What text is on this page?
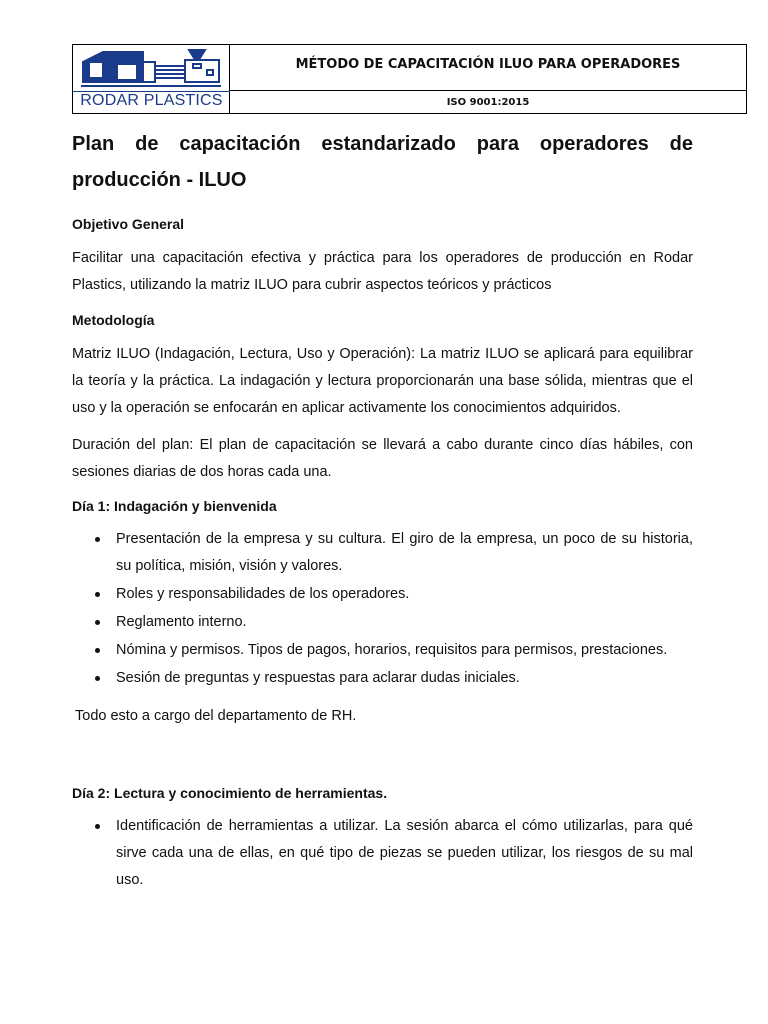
RODAR PLASTICS
MÉTODO DE CAPACITACIÓN ILUO PARA OPERADORES
ISO 9001:2015
Plan de capacitación estandarizado para operadores de producción - ILUO
Objetivo General

Facilitar una capacitación efectiva y práctica para los operadores de producción en Rodar Plastics, utilizando la matriz ILUO para cubrir aspectos teóricos y prácticos

Metodología

Matriz ILUO (Indagación, Lectura, Uso y Operación): La matriz ILUO se aplicará para equilibrar la teoría y la práctica. La indagación y lectura proporcionarán una base sólida, mientras que el uso y la operación se enfocarán en aplicar activamente los conocimientos adquiridos.

Duración del plan: El plan de capacitación se llevará a cabo durante cinco días hábiles, con sesiones diarias de dos horas cada una.

Día 1: Indagación y bienvenida
Presentación de la empresa y su cultura. El giro de la empresa, un poco de su historia, su política, misión, visión y valores.
Roles y responsabilidades de los operadores.
Reglamento interno.
Nómina y permisos. Tipos de pagos, horarios, requisitos para permisos, prestaciones.
Sesión de preguntas y respuestas para aclarar dudas iniciales.

Todo esto a cargo del departamento de RH.

Día 2: Lectura y conocimiento de herramientas.
Identificación de herramientas a utilizar. La sesión abarca el cómo utilizarlas, para qué sirve cada una de ellas, en qué tipo de piezas se pueden utilizar, los riesgos de su mal uso.
